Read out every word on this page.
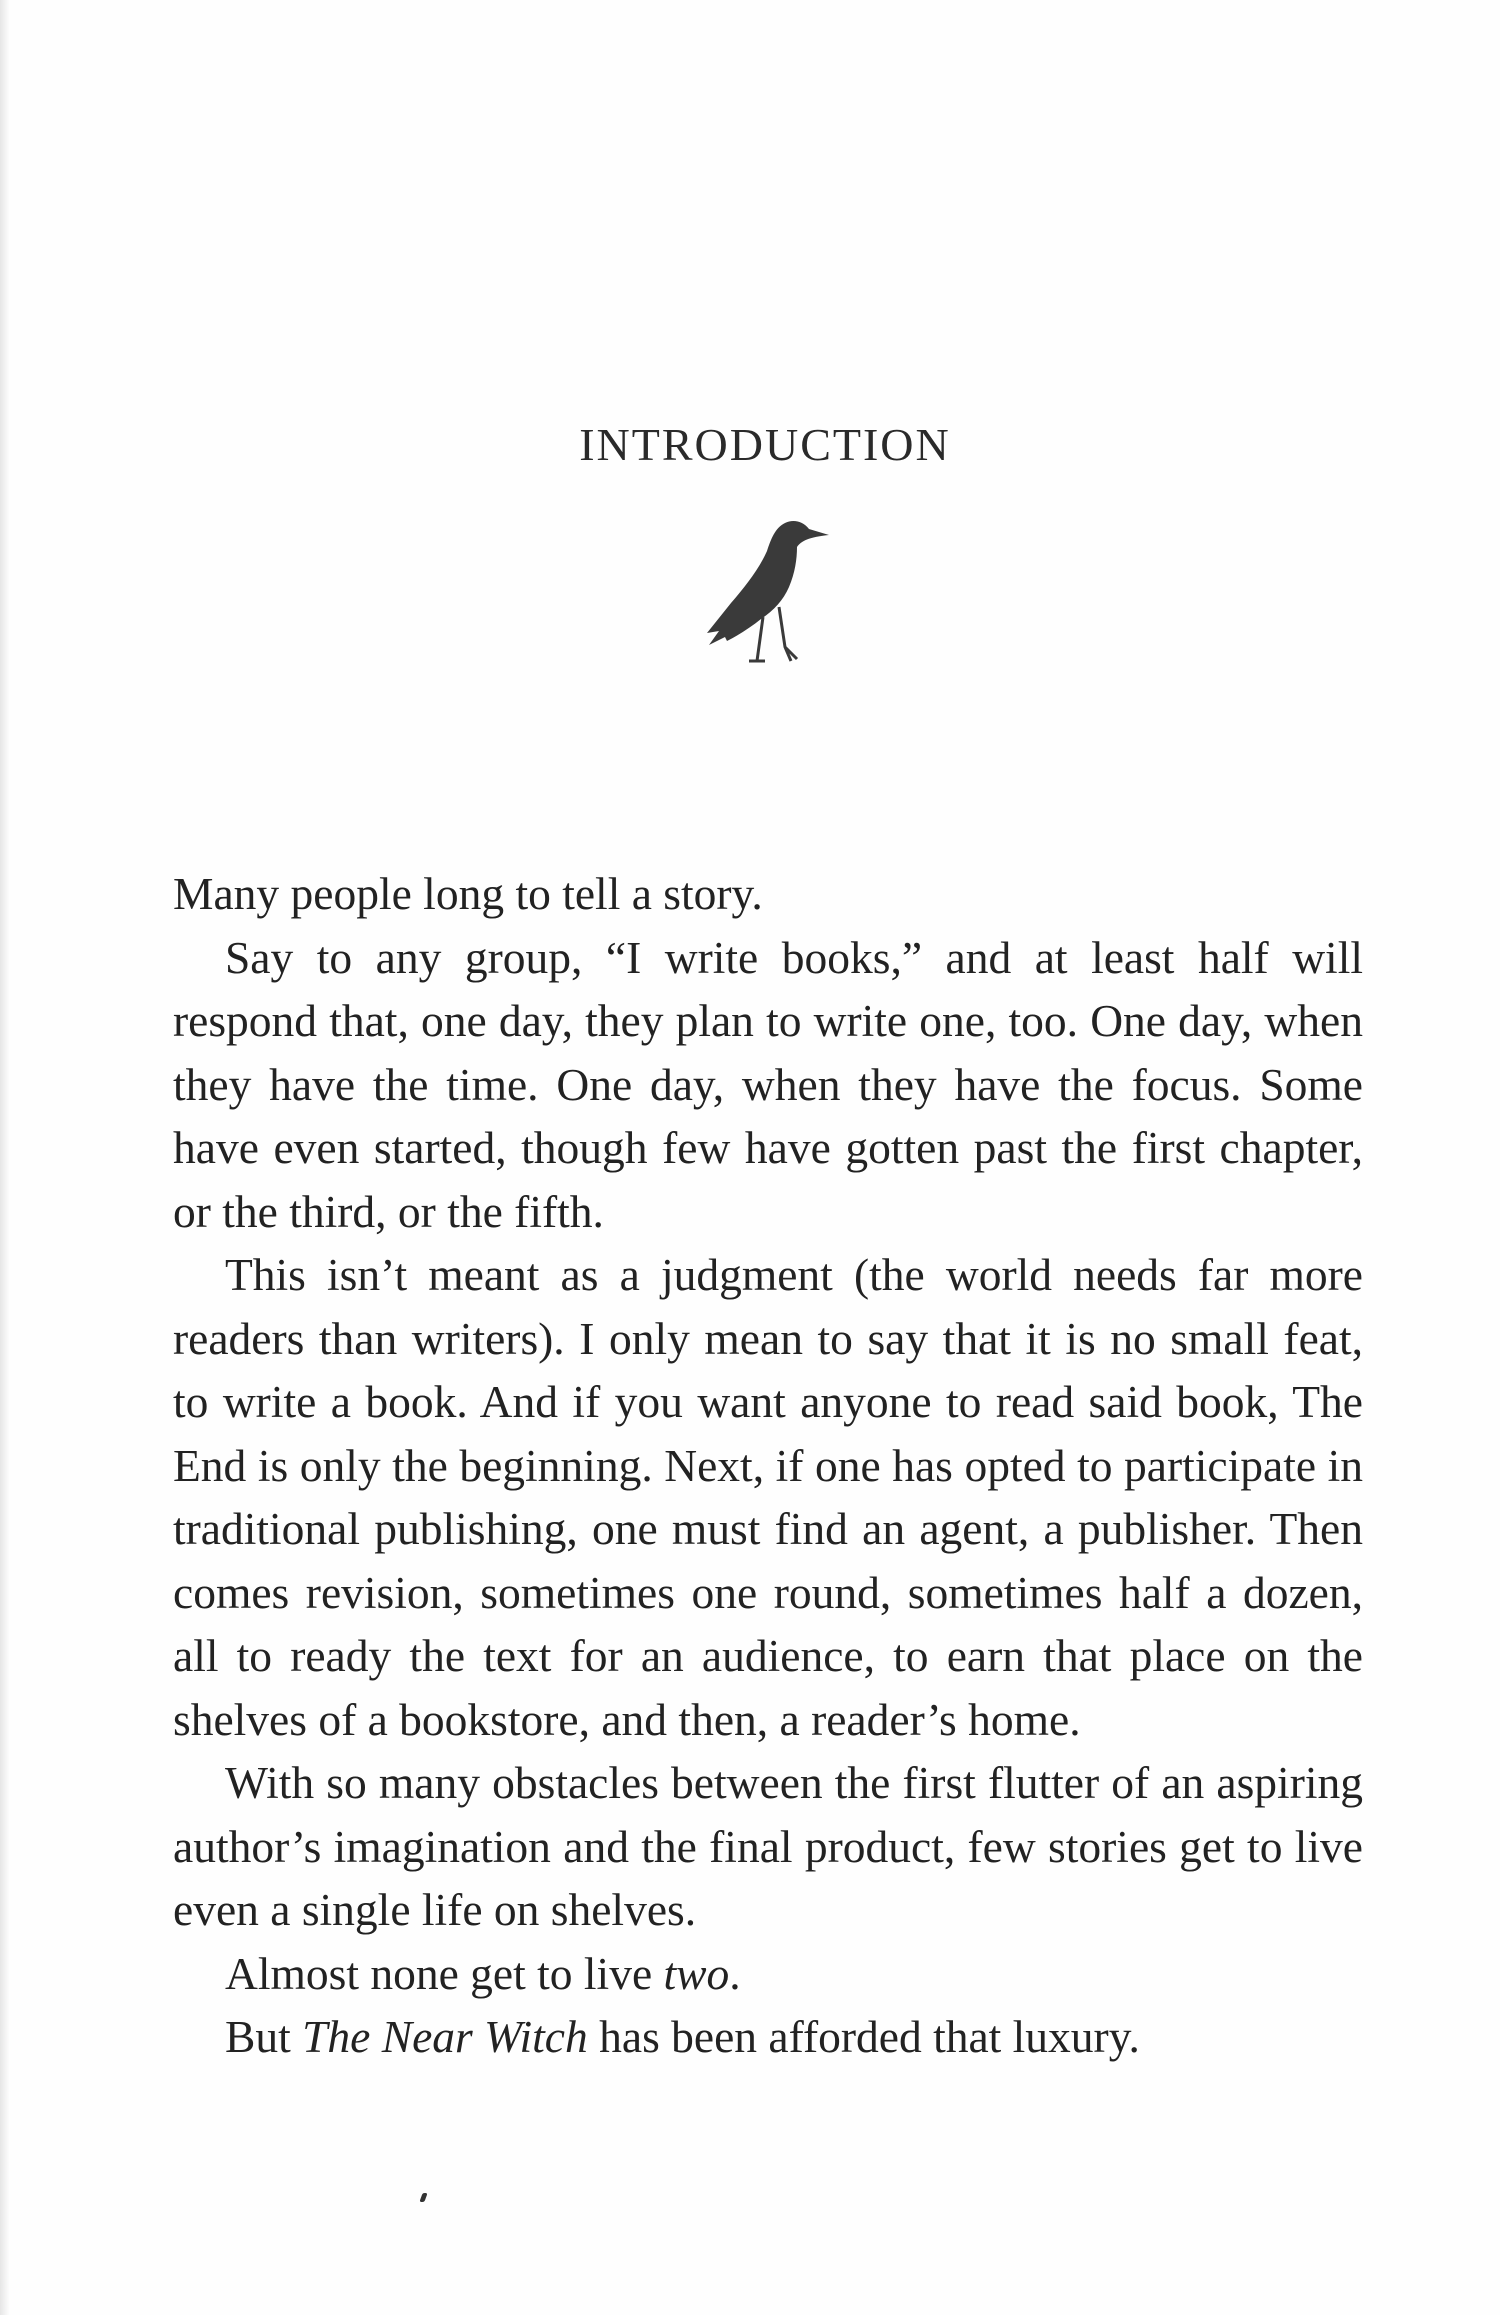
INTRODUCTION

Many people long to tell a story.

Say to any group, “I write books,” and at least half will respond that, one day, they plan to write one, too. One day, when they have the time. One day, when they have the focus. Some have even started, though few have gotten past the first chapter, or the third, or the fifth.

This isn’t meant as a judgment (the world needs far more readers than writers). I only mean to say that it is no small feat, to write a book. And if you want anyone to read said book, The End is only the beginning. Next, if one has opted to participate in traditional publishing, one must find an agent, a publisher. Then comes revision, sometimes one round, sometimes half a dozen, all to ready the text for an audience, to earn that place on the shelves of a bookstore, and then, a reader’s home.

With so many obstacles between the first flutter of an aspiring author’s imagination and the final product, few stories get to live even a single life on shelves.

Almost none get to live two.

But The Near Witch has been afforded that luxury.
